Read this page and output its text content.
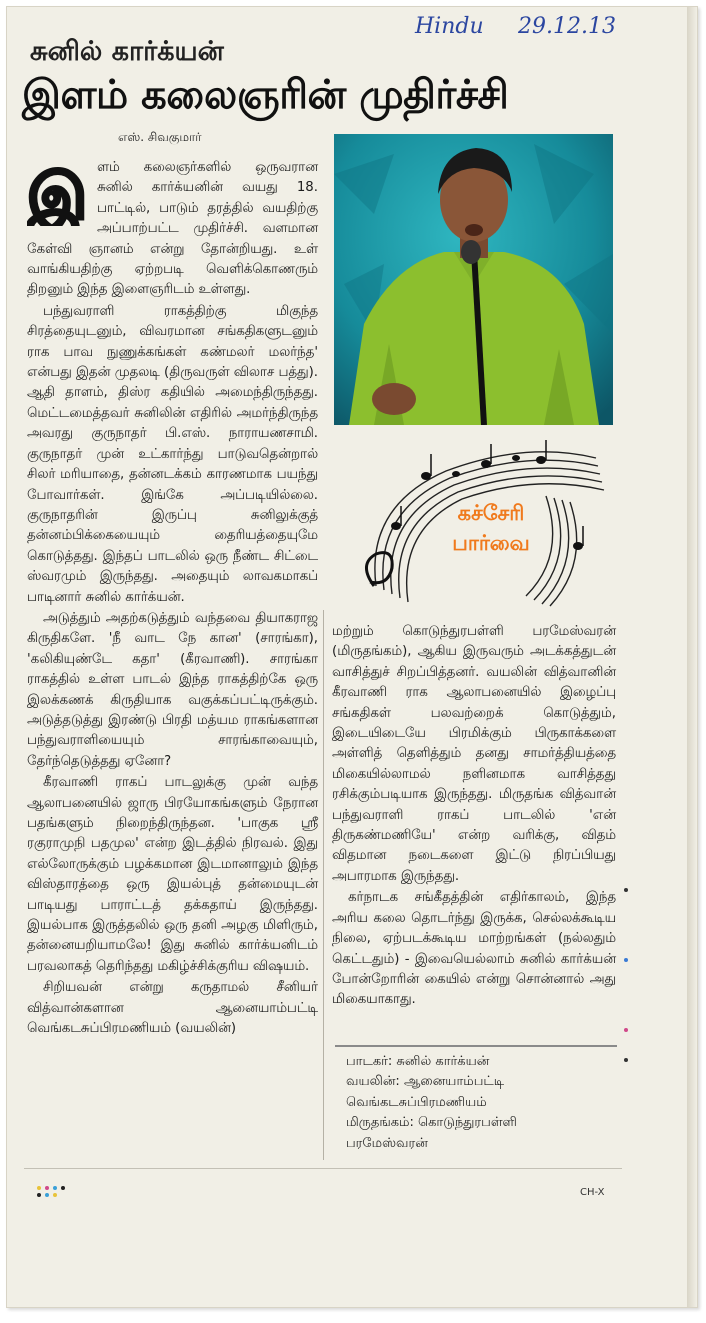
Hindu 29.12.13
சுனில் கார்க்யன்
இளம் கலைஞரின் முதிர்ச்சி
எஸ். சிவகுமார்

இ ளம் கலைஞர்களில் ஒருவரான சுனில் கார்க்யனின் வயது 18. பாட்டில், பாடும் தரத்தில் வயதிற்கு அப்பாற்பட்ட முதிர்ச்சி. வளமான கேள்வி ஞானம் என்று தோன்றியது. உள் வாங்கியதிற்கு ஏற்றபடி வெளிக்கொணரும் திறனும் இந்த இளைஞரிடம் உள்ளது.

பந்துவராளி ராகத்திற்கு மிகுந்த சிரத்தையுடனும், விவரமான சங்கதிகளுடனும் ராக பாவ நுணுக்கங்கள் கண்மலர் மலர்ந்த' என்பது இதன் முதலடி (திருவருள் விலாச பத்து). ஆதி தாளம், திஸ்ர கதியில் அமைந்திருந்தது. மெட்டமைத்தவர் சுனிலின் எதிரில் அமர்ந்திருந்த அவரது குருநாதர் பி.எஸ். நாராயணசாமி. குருநாதர் முன் உட்கார்ந்து பாடுவதென்றால் சிலர் மரியாதை, தன்னடக்கம் காரணமாக பயந்து போவார்கள். இங்கே அப்படியில்லை. குருநாதரின் இருப்பு சுனிலுக்குத் தன்னம்பிக்கையையும் தைரியத்தையுமே கொடுத்தது. இந்தப் பாடலில் ஒரு நீண்ட சிட்டை ஸ்வரமும் இருந்தது. அதையும் லாவகமாகப் பாடினார் சுனில் கார்க்யன்.

அடுத்தும் அதற்கடுத்தும் வந்தவை தியாகராஜ கிருதிகளே. 'நீ வாட நே கான' (சாரங்கா), 'கலிகியுண்டே கதா' (கீரவாணி). சாரங்கா ராகத்தில் உள்ள பாடல் இந்த ராகத்திற்கே ஒரு இலக்கணக் கிருதியாக வகுக்கப்பட்டிருக்கும். அடுத்தடுத்து இரண்டு பிரதி மத்யம ராகங்களான பந்துவராளியையும் சாரங்காவையும், தேர்ந்தெடுத்தது ஏனோ?

கீரவாணி ராகப் பாடலுக்கு முன் வந்த ஆலாபனையில் ஜாரு பிரயோகங்களும் நேரான பதங்களும் நிறைந்திருந்தன. 'பாகுக ஸ்ரீ ரகுராமுநி பதமுல' என்ற இடத்தில் நிரவல். இது எல்லோருக்கும் பழக்கமான இடமானாலும் இந்த விஸ்தாரத்தை ஒரு இயல்புத் தன்மையுடன் பாடியது பாராட்டத் தக்கதாய் இருந்தது. இயல்பாக இருத்தலில் ஒரு தனி அழகு மிளிரும், தன்னையறியாமலே! இது சுனில் கார்க்யனிடம் பரவலாகத் தெரிந்தது மகிழ்ச்சிக்குரிய விஷயம்.

சிறியவன் என்று கருதாமல் சீனியர் வித்வான்களான ஆனையாம்பட்டி வெங்கடசுப்பிரமணியம் (வயலின்)

கச்சேரி
பார்வை

மற்றும் கொடுந்துரபள்ளி பரமேஸ்வரன் (மிருதங்கம்), ஆகிய இருவரும் அடக்கத்துடன் வாசித்துச் சிறப்பித்தனர். வயலின் வித்வானின் கீரவாணி ராக ஆலாபனையில் இழைப்பு சங்கதிகள் பலவற்றைக் கொடுத்தும், இடையிடையே பிரமிக்கும் பிருகாக்களை அள்ளித் தெளித்தும் தனது சாமர்த்தியத்தை மிகையில்லாமல் நளினமாக வாசித்தது ரசிக்கும்படியாக இருந்தது. மிருதங்க வித்வான் பந்துவராளி ராகப் பாடலில் 'என் திருகண்மணியே' என்ற வரிக்கு, விதம் விதமான நடைகளை இட்டு நிரப்பியது அபாரமாக இருந்தது.

கர்நாடக சங்கீதத்தின் எதிர்காலம், இந்த அரிய கலை தொடர்ந்து இருக்க, செல்லக்கூடிய நிலை, ஏற்படக்கூடிய மாற்றங்கள் (நல்லதும் கெட்டதும்) - இவையெல்லாம் சுனில் கார்க்யன் போன்றோரின் கையில் என்று சொன்னால் அது மிகையாகாது.

பாடகர்: சுனில் கார்க்யன்
வயலின்: ஆனையாம்பட்டி
வெங்கடசுப்பிரமணியம்
மிருதங்கம்: கொடுந்துரபள்ளி
பரமேஸ்வரன்
CH-X
